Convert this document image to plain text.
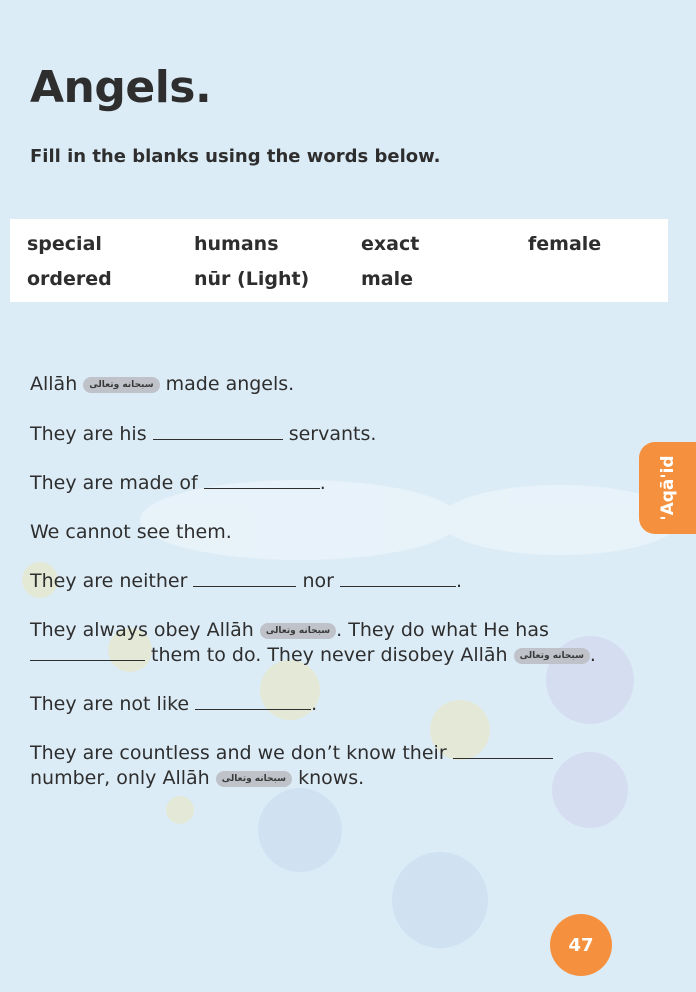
Angels.

Fill in the blanks using the words below.

special	humans	exact	female
ordered	nūr (Light)	male
Allāh سبحانه وتعالى made angels.
They are his	servants.
They are made of	.
We cannot see them.
They are neither	nor	.
They always obey Allāh سبحانه وتعالى . They do what He has
them to do. They never disobey Allāh سبحانه وتعالى .
They are not like	.
They are countless and we don’t know their
number, only Allāh سبحانه وتعالى knows.
'Aqā'id
47
